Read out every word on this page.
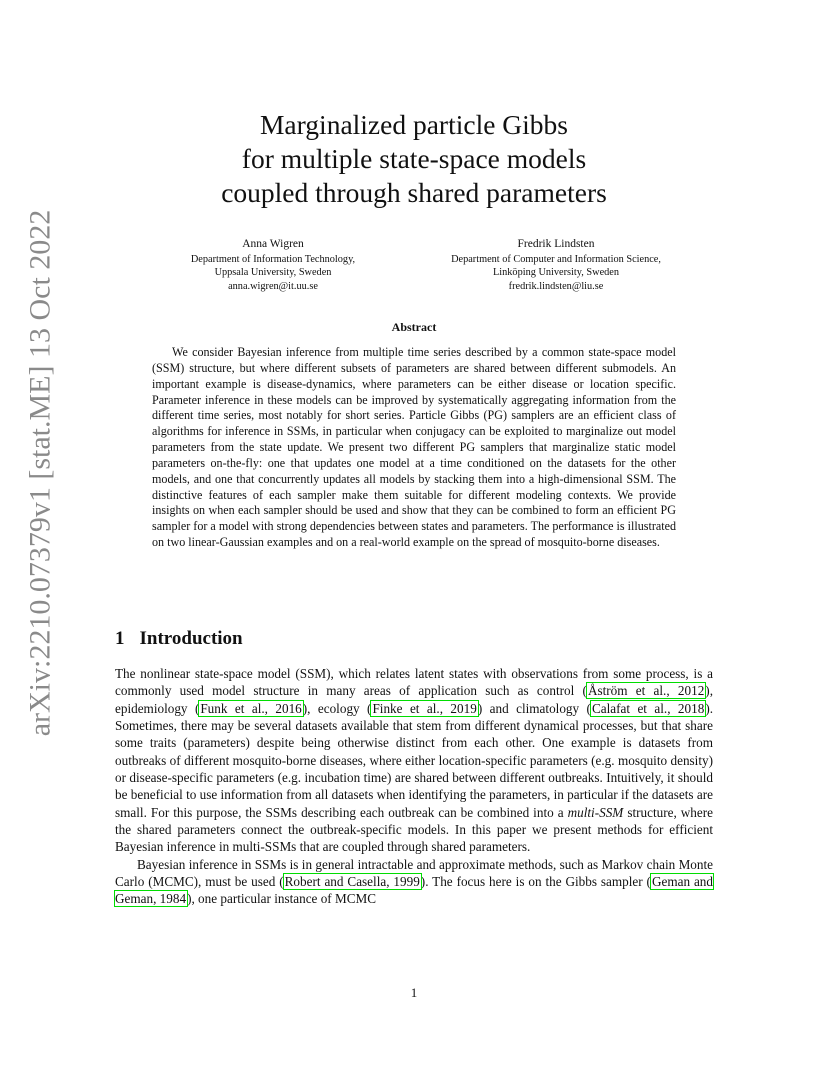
arXiv:2210.07379v1 [stat.ME] 13 Oct 2022
Marginalized particle Gibbs
for multiple state-space models
coupled through shared parameters
Anna Wigren
Department of Information Technology,
Uppsala University, Sweden
anna.wigren@it.uu.se
Fredrik Lindsten
Department of Computer and Information Science,
Linköping University, Sweden
fredrik.lindsten@liu.se
Abstract
We consider Bayesian inference from multiple time series described by a common state-space model (SSM) structure, but where different subsets of parameters are shared between different submodels. An important example is disease-dynamics, where parameters can be either disease or location specific. Parameter inference in these models can be improved by systematically aggregating information from the different time series, most notably for short series. Particle Gibbs (PG) samplers are an efficient class of algorithms for inference in SSMs, in particular when conjugacy can be exploited to marginalize out model parameters from the state update. We present two different PG samplers that marginalize static model parameters on-the-fly: one that updates one model at a time conditioned on the datasets for the other models, and one that concurrently updates all models by stacking them into a high-dimensional SSM. The distinctive features of each sampler make them suitable for different modeling contexts. We provide insights on when each sampler should be used and show that they can be combined to form an efficient PG sampler for a model with strong dependencies between states and parameters. The performance is illustrated on two linear-Gaussian examples and on a real-world example on the spread of mosquito-borne diseases.
1 Introduction

The nonlinear state-space model (SSM), which relates latent states with observations from some process, is a commonly used model structure in many areas of application such as control (Åström et al., 2012), epidemiology (Funk et al., 2016), ecology (Finke et al., 2019) and climatology (Calafat et al., 2018). Sometimes, there may be several datasets available that stem from different dynamical processes, but that share some traits (parameters) despite being otherwise distinct from each other. One example is datasets from outbreaks of different mosquito-borne diseases, where either location-specific parameters (e.g. mosquito density) or disease-specific parameters (e.g. incubation time) are shared between different outbreaks. Intuitively, it should be beneficial to use information from all datasets when identifying the parameters, in particular if the datasets are small. For this purpose, the SSMs describing each outbreak can be combined into a multi-SSM structure, where the shared parameters connect the outbreak-specific models. In this paper we present methods for efficient Bayesian inference in multi-SSMs that are coupled through shared parameters.

Bayesian inference in SSMs is in general intractable and approximate methods, such as Markov chain Monte Carlo (MCMC), must be used (Robert and Casella, 1999). The focus here is on the Gibbs sampler (Geman and Geman, 1984), one particular instance of MCMC

1
